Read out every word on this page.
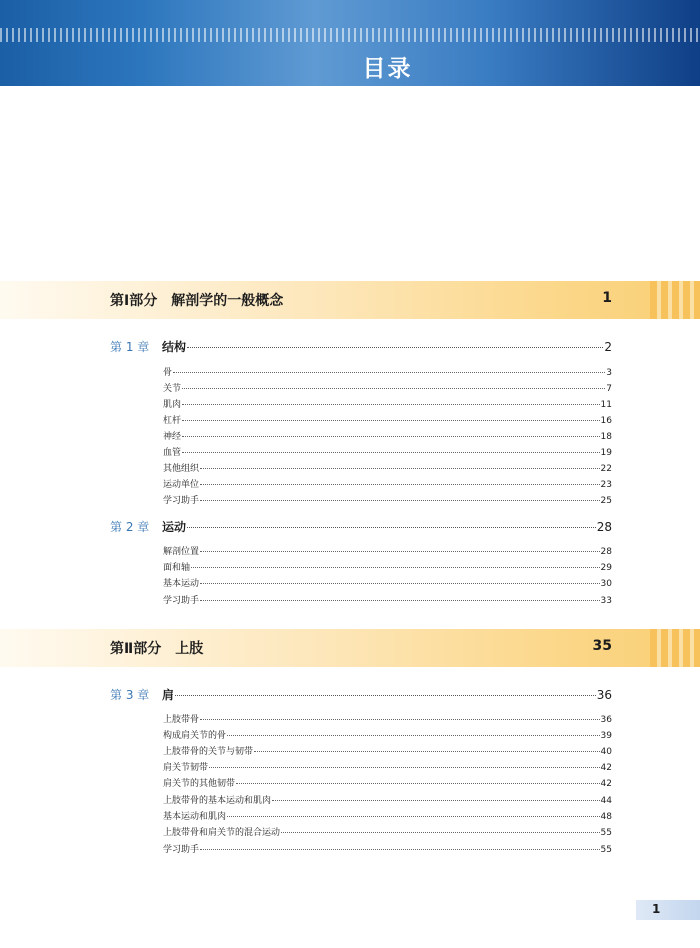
目录
第Ⅰ部分　解剖学的一般概念	1
第 1 章	结构	2
骨	3
关节	7
肌肉	11
杠杆	16
神经	18
血管	19
其他组织	22
运动单位	23
学习助手	25
第 2 章	运动	28
解剖位置	28
面和轴	29
基本运动	30
学习助手	33
第Ⅱ部分　上肢	35
第 3 章	肩	36
上肢带骨	36
构成肩关节的骨	39
上肢带骨的关节与韧带	40
肩关节韧带	42
肩关节的其他韧带	42
上肢带骨的基本运动和肌肉	44
基本运动和肌肉	48
上肢带骨和肩关节的混合运动	55
学习助手	55
1
